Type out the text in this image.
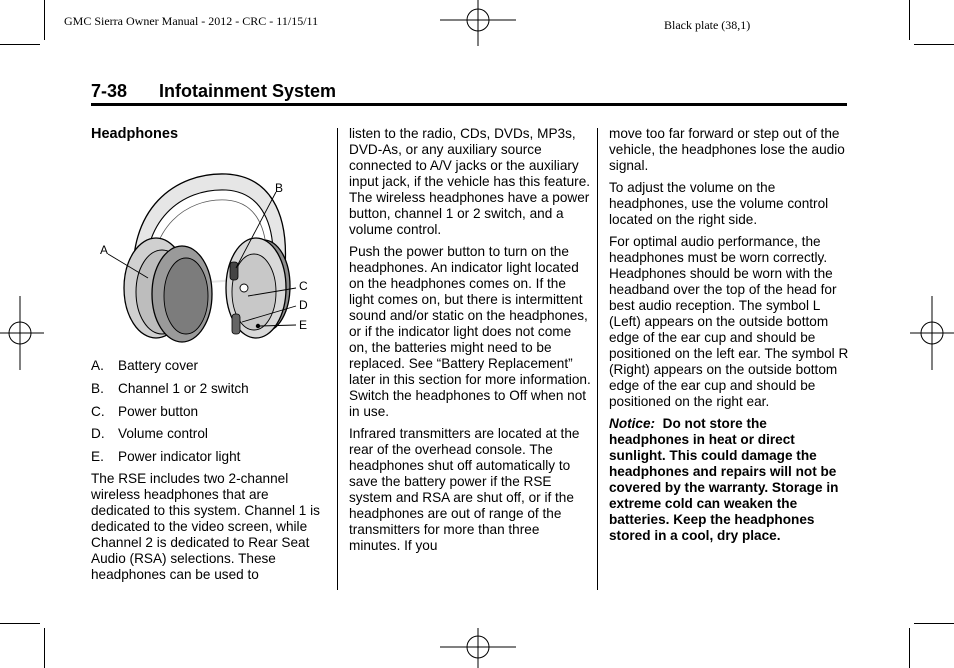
GMC Sierra Owner Manual - 2012 - CRC - 11/15/11	Black plate (38,1)
7-38 Infotainment System

Headphones

A
B
C
D
E
A. Battery cover
B. Channel 1 or 2 switch
C. Power button
D. Volume control
E. Power indicator light

The RSE includes two 2-channel wireless headphones that are dedicated to this system. Channel 1 is dedicated to the video screen, while Channel 2 is dedicated to Rear Seat Audio (RSA) selections. These headphones can be used to

listen to the radio, CDs, DVDs, MP3s, DVD-As, or any auxiliary source connected to A/V jacks or the auxiliary input jack, if the vehicle has this feature. The wireless headphones have a power button, channel 1 or 2 switch, and a volume control.

Push the power button to turn on the headphones. An indicator light located on the headphones comes on. If the light comes on, but there is intermittent sound and/or static on the headphones, or if the indicator light does not come on, the batteries might need to be replaced. See “Battery Replacement” later in this section for more information. Switch the headphones to Off when not in use.

Infrared transmitters are located at the rear of the overhead console. The headphones shut off automatically to save the battery power if the RSE system and RSA are shut off, or if the headphones are out of range of the transmitters for more than three minutes. If you

move too far forward or step out of the vehicle, the headphones lose the audio signal.

To adjust the volume on the headphones, use the volume control located on the right side.

For optimal audio performance, the headphones must be worn correctly. Headphones should be worn with the headband over the top of the head for best audio reception. The symbol L (Left) appears on the outside bottom edge of the ear cup and should be positioned on the left ear. The symbol R (Right) appears on the outside bottom edge of the ear cup and should be positioned on the right ear.

Notice: Do not store the headphones in heat or direct sunlight. This could damage the headphones and repairs will not be covered by the warranty. Storage in extreme cold can weaken the batteries. Keep the headphones stored in a cool, dry place.
